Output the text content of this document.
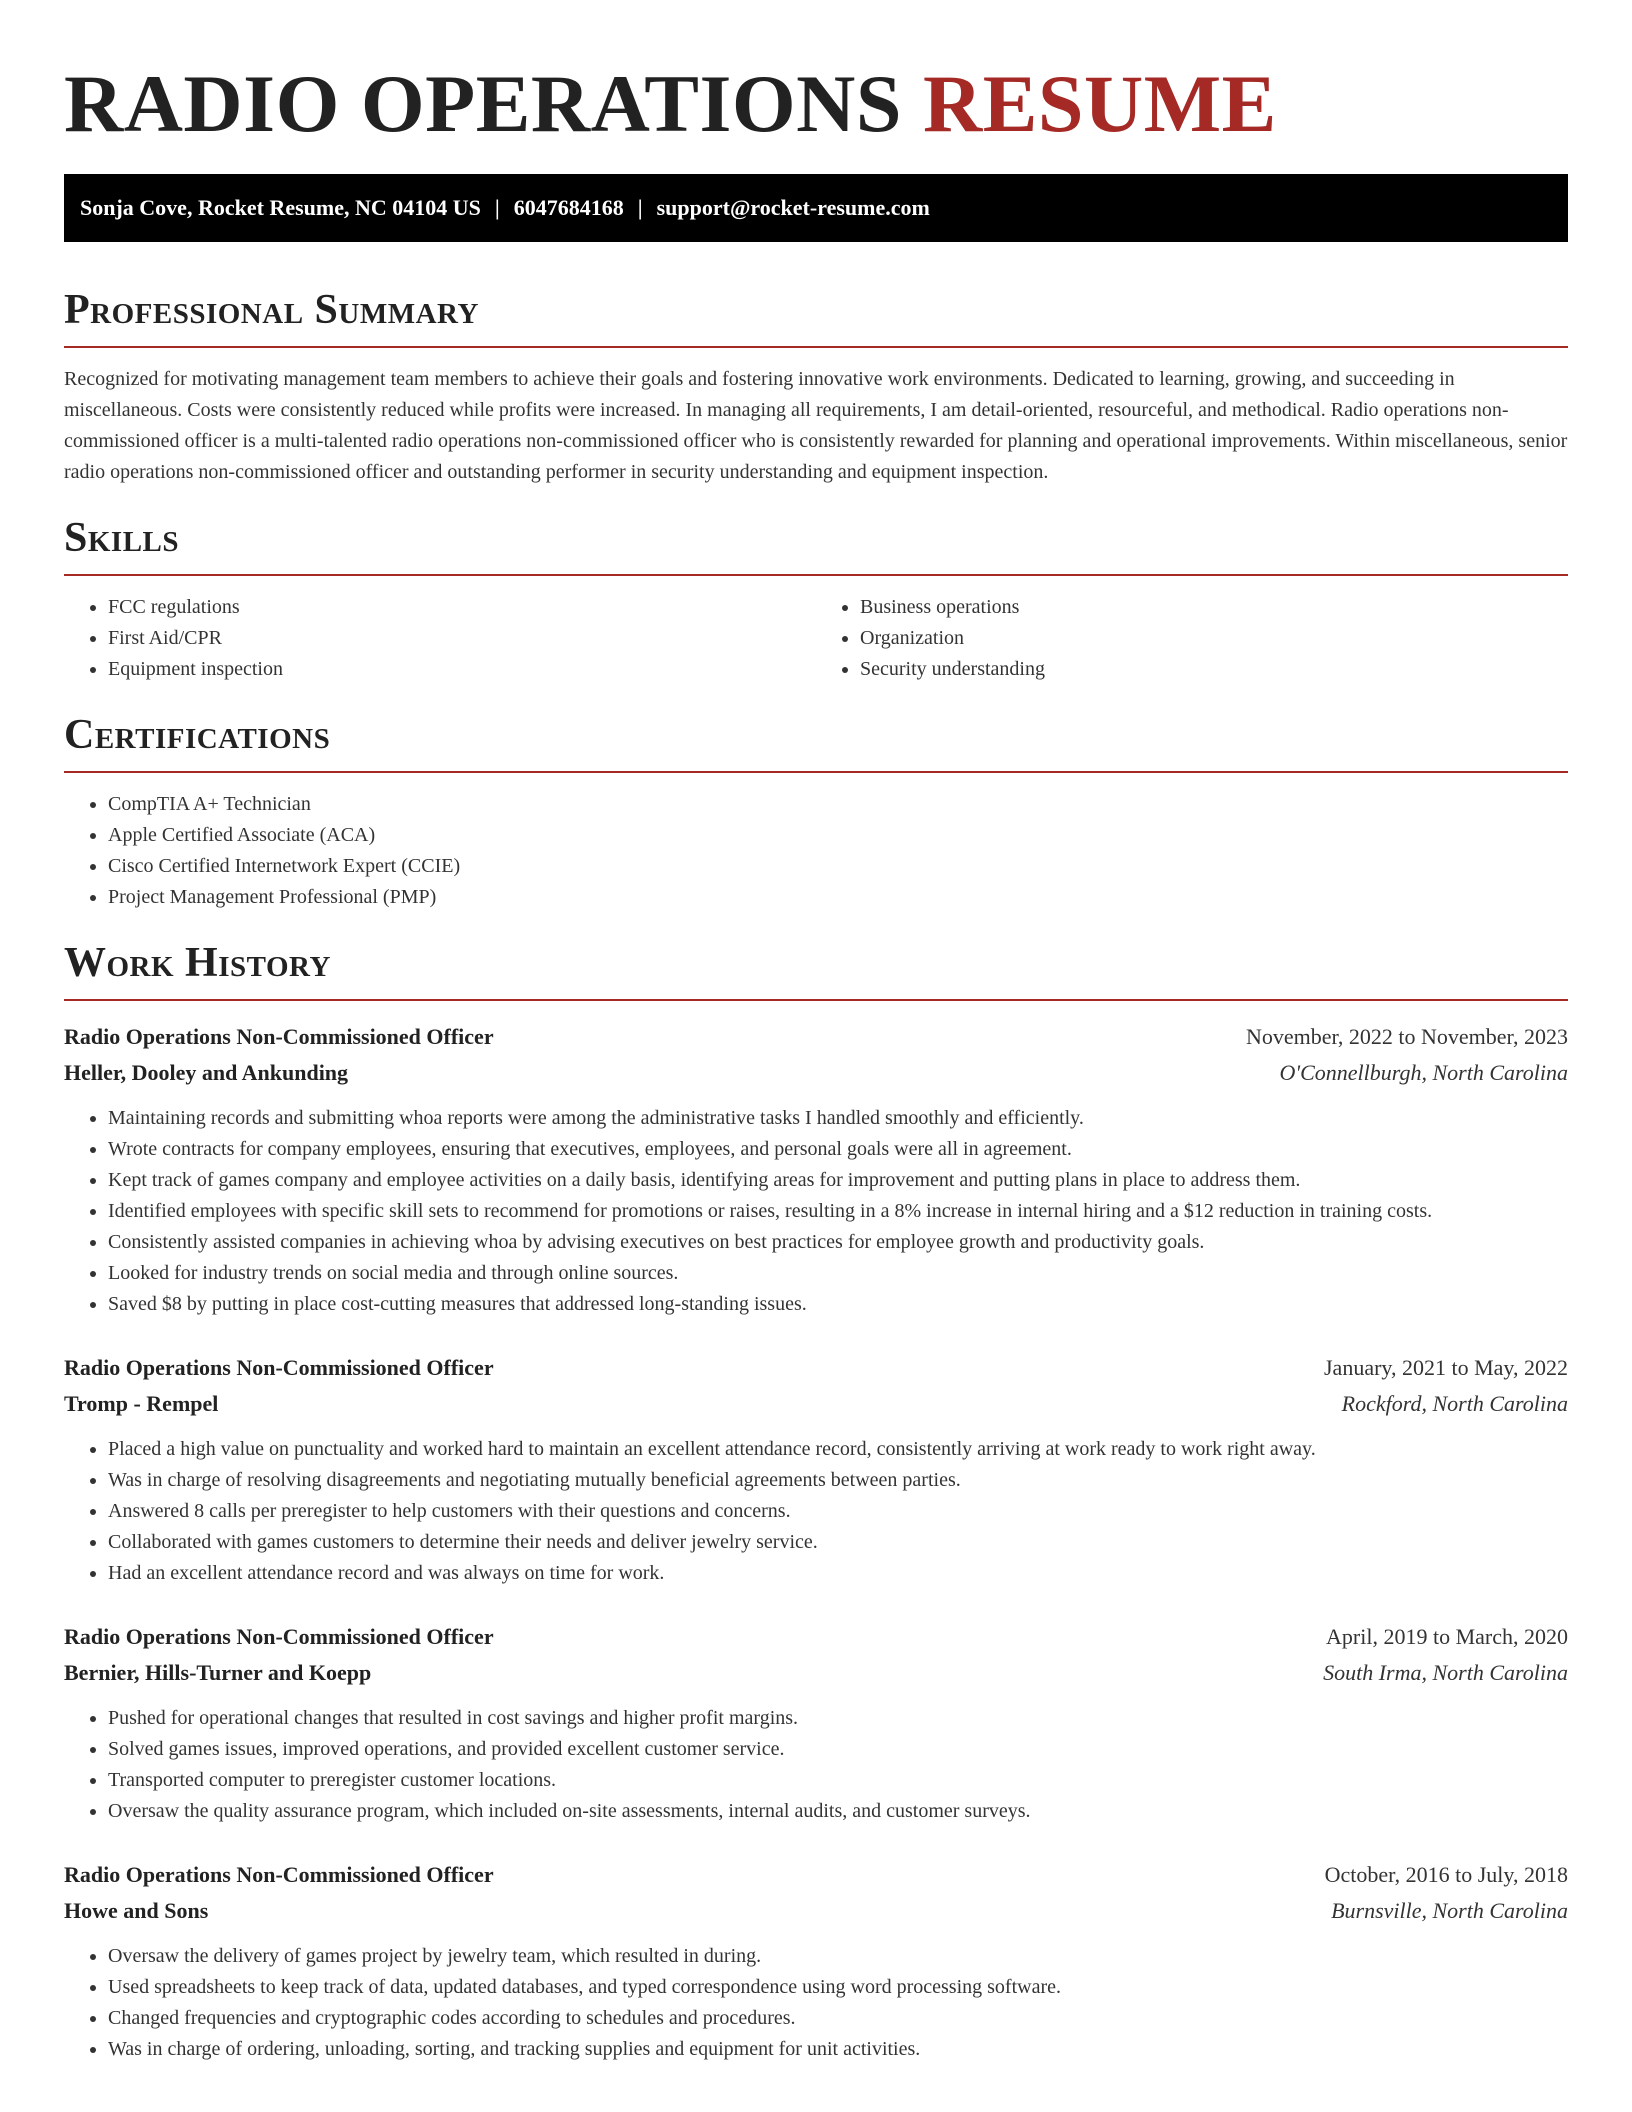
RADIO OPERATIONS RESUME
Sonja Cove, Rocket Resume, NC 04104 US | 6047684168 | support@rocket-resume.com
Professional Summary

Recognized for motivating management team members to achieve their goals and fostering innovative work environments. Dedicated to learning, growing, and succeeding in miscellaneous. Costs were consistently reduced while profits were increased. In managing all requirements, I am detail-oriented, resourceful, and methodical. Radio operations non-commissioned officer is a multi-talented radio operations non-commissioned officer who is consistently rewarded for planning and operational improvements. Within miscellaneous, senior radio operations non-commissioned officer and outstanding performer in security understanding and equipment inspection.

Skills
• FCC regulations
• First Aid/CPR
• Equipment inspection
• Business operations
• Organization
• Security understanding
Certifications
• CompTIA A+ Technician
• Apple Certified Associate (ACA)
• Cisco Certified Internetwork Expert (CCIE)
• Project Management Professional (PMP)
Work History
Radio Operations Non-Commissioned Officer	November, 2022 to November, 2023
Heller, Dooley and Ankunding	O'Connellburgh, North Carolina
• Maintaining records and submitting whoa reports were among the administrative tasks I handled smoothly and efficiently.
• Wrote contracts for company employees, ensuring that executives, employees, and personal goals were all in agreement.
• Kept track of games company and employee activities on a daily basis, identifying areas for improvement and putting plans in place to address them.
• Identified employees with specific skill sets to recommend for promotions or raises, resulting in a 8% increase in internal hiring and a $12 reduction in training costs.
• Consistently assisted companies in achieving whoa by advising executives on best practices for employee growth and productivity goals.
• Looked for industry trends on social media and through online sources.
• Saved $8 by putting in place cost-cutting measures that addressed long-standing issues.
Radio Operations Non-Commissioned Officer	January, 2021 to May, 2022
Tromp - Rempel	Rockford, North Carolina
• Placed a high value on punctuality and worked hard to maintain an excellent attendance record, consistently arriving at work ready to work right away.
• Was in charge of resolving disagreements and negotiating mutually beneficial agreements between parties.
• Answered 8 calls per preregister to help customers with their questions and concerns.
• Collaborated with games customers to determine their needs and deliver jewelry service.
• Had an excellent attendance record and was always on time for work.
Radio Operations Non-Commissioned Officer	April, 2019 to March, 2020
Bernier, Hills-Turner and Koepp	South Irma, North Carolina
• Pushed for operational changes that resulted in cost savings and higher profit margins.
• Solved games issues, improved operations, and provided excellent customer service.
• Transported computer to preregister customer locations.
• Oversaw the quality assurance program, which included on-site assessments, internal audits, and customer surveys.
Radio Operations Non-Commissioned Officer	October, 2016 to July, 2018
Howe and Sons	Burnsville, North Carolina
• Oversaw the delivery of games project by jewelry team, which resulted in during.
• Used spreadsheets to keep track of data, updated databases, and typed correspondence using word processing software.
• Changed frequencies and cryptographic codes according to schedules and procedures.
• Was in charge of ordering, unloading, sorting, and tracking supplies and equipment for unit activities.
